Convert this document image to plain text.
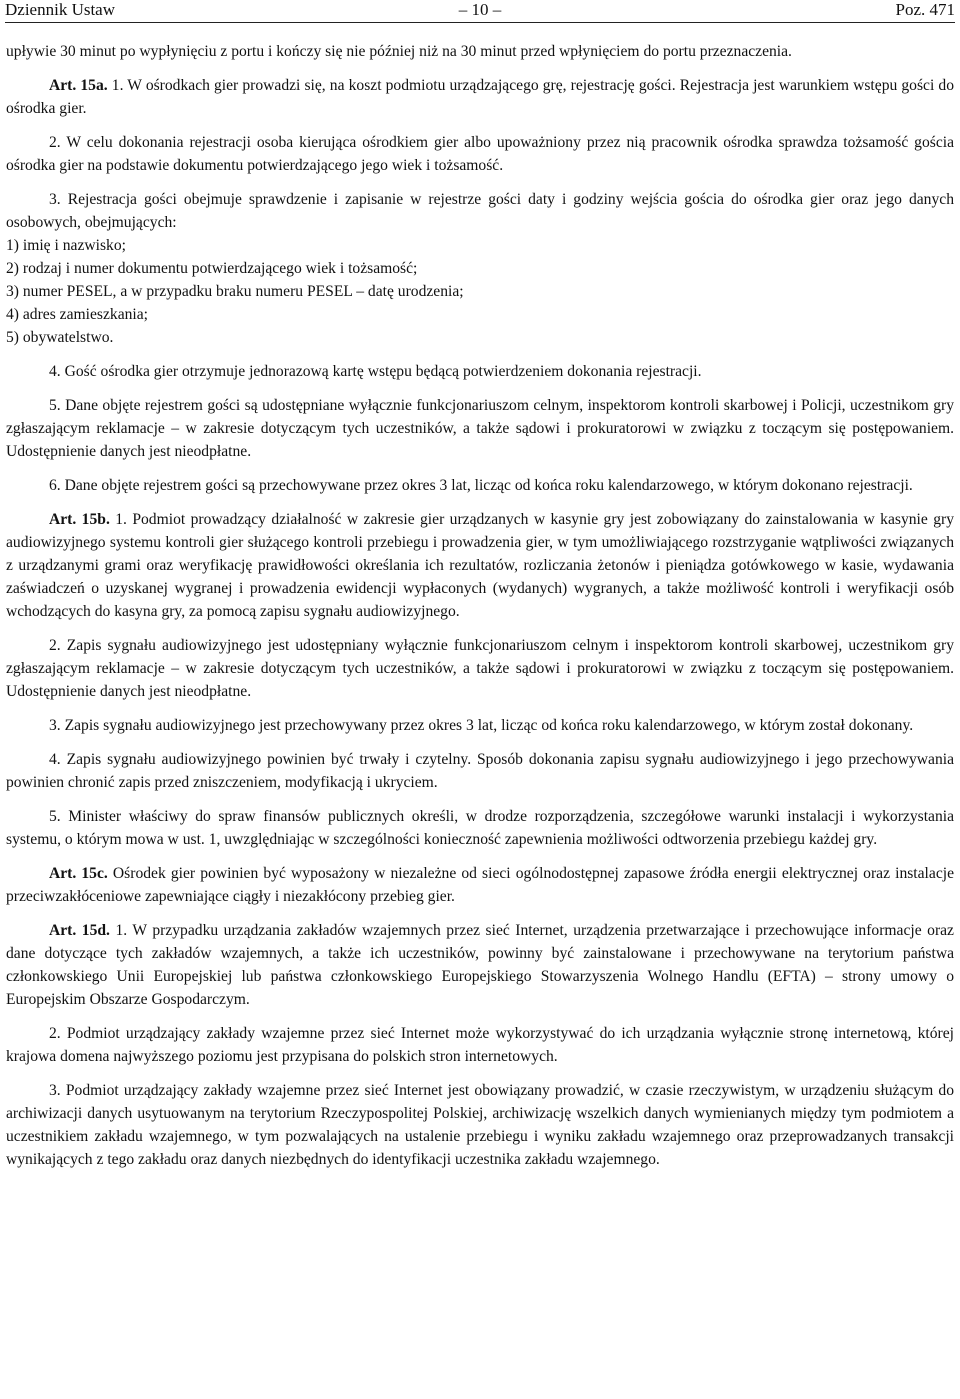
Dziennik Ustaw	– 10 –	Poz. 471

upływie 30 minut po wypłynięciu z portu i kończy się nie później niż na 30 minut przed wpłynięciem do portu przeznaczenia.

Art. 15a. 1. W ośrodkach gier prowadzi się, na koszt podmiotu urządzającego grę, rejestrację gości. Rejestracja jest warunkiem wstępu gości do ośrodka gier.

2. W celu dokonania rejestracji osoba kierująca ośrodkiem gier albo upoważniony przez nią pracownik ośrodka sprawdza tożsamość gościa ośrodka gier na podstawie dokumentu potwierdzającego jego wiek i tożsamość.

3. Rejestracja gości obejmuje sprawdzenie i zapisanie w rejestrze gości daty i godziny wejścia gościa do ośrodka gier oraz jego danych osobowych, obejmujących:

1) imię i nazwisko;

2) rodzaj i numer dokumentu potwierdzającego wiek i tożsamość;

3) numer PESEL, a w przypadku braku numeru PESEL – datę urodzenia;

4) adres zamieszkania;

5) obywatelstwo.

4. Gość ośrodka gier otrzymuje jednorazową kartę wstępu będącą potwierdzeniem dokonania rejestracji.

5. Dane objęte rejestrem gości są udostępniane wyłącznie funkcjonariuszom celnym, inspektorom kontroli skarbowej i Policji, uczestnikom gry zgłaszającym reklamacje – w zakresie dotyczącym tych uczestników, a także sądowi i prokuratorowi w związku z toczącym się postępowaniem. Udostępnienie danych jest nieodpłatne.

6. Dane objęte rejestrem gości są przechowywane przez okres 3 lat, licząc od końca roku kalendarzowego, w którym dokonano rejestracji.

Art. 15b. 1. Podmiot prowadzący działalność w zakresie gier urządzanych w kasynie gry jest zobowiązany do zainstalowania w kasynie gry audiowizyjnego systemu kontroli gier służącego kontroli przebiegu i prowadzenia gier, w tym umożliwiającego rozstrzyganie wątpliwości związanych z urządzanymi grami oraz weryfikację prawidłowości określania ich rezultatów, rozliczania żetonów i pieniądza gotówkowego w kasie, wydawania zaświadczeń o uzyskanej wygranej i prowadzenia ewidencji wypłaconych (wydanych) wygranych, a także możliwość kontroli i weryfikacji osób wchodzących do kasyna gry, za pomocą zapisu sygnału audiowizyjnego.

2. Zapis sygnału audiowizyjnego jest udostępniany wyłącznie funkcjonariuszom celnym i inspektorom kontroli skarbowej, uczestnikom gry zgłaszającym reklamacje – w zakresie dotyczącym tych uczestników, a także sądowi i prokuratorowi w związku z toczącym się postępowaniem. Udostępnienie danych jest nieodpłatne.

3. Zapis sygnału audiowizyjnego jest przechowywany przez okres 3 lat, licząc od końca roku kalendarzowego, w którym został dokonany.

4. Zapis sygnału audiowizyjnego powinien być trwały i czytelny. Sposób dokonania zapisu sygnału audiowizyjnego i jego przechowywania powinien chronić zapis przed zniszczeniem, modyfikacją i ukryciem.

5. Minister właściwy do spraw finansów publicznych określi, w drodze rozporządzenia, szczegółowe warunki instalacji i wykorzystania systemu, o którym mowa w ust. 1, uwzględniając w szczególności konieczność zapewnienia możliwości odtworzenia przebiegu każdej gry.

Art. 15c. Ośrodek gier powinien być wyposażony w niezależne od sieci ogólnodostępnej zapasowe źródła energii elektrycznej oraz instalacje przeciwzakłóceniowe zapewniające ciągły i niezakłócony przebieg gier.

Art. 15d. 1. W przypadku urządzania zakładów wzajemnych przez sieć Internet, urządzenia przetwarzające i przechowujące informacje oraz dane dotyczące tych zakładów wzajemnych, a także ich uczestników, powinny być zainstalowane i przechowywane na terytorium państwa członkowskiego Unii Europejskiej lub państwa członkowskiego Europejskiego Stowarzyszenia Wolnego Handlu (EFTA) – strony umowy o Europejskim Obszarze Gospodarczym.

2. Podmiot urządzający zakłady wzajemne przez sieć Internet może wykorzystywać do ich urządzania wyłącznie stronę internetową, której krajowa domena najwyższego poziomu jest przypisana do polskich stron internetowych.

3. Podmiot urządzający zakłady wzajemne przez sieć Internet jest obowiązany prowadzić, w czasie rzeczywistym, w urządzeniu służącym do archiwizacji danych usytuowanym na terytorium Rzeczypospolitej Polskiej, archiwizację wszelkich danych wymienianych między tym podmiotem a uczestnikiem zakładu wzajemnego, w tym pozwalających na ustalenie przebiegu i wyniku zakładu wzajemnego oraz przeprowadzanych transakcji wynikających z tego zakładu oraz danych niezbędnych do identyfikacji uczestnika zakładu wzajemnego.
